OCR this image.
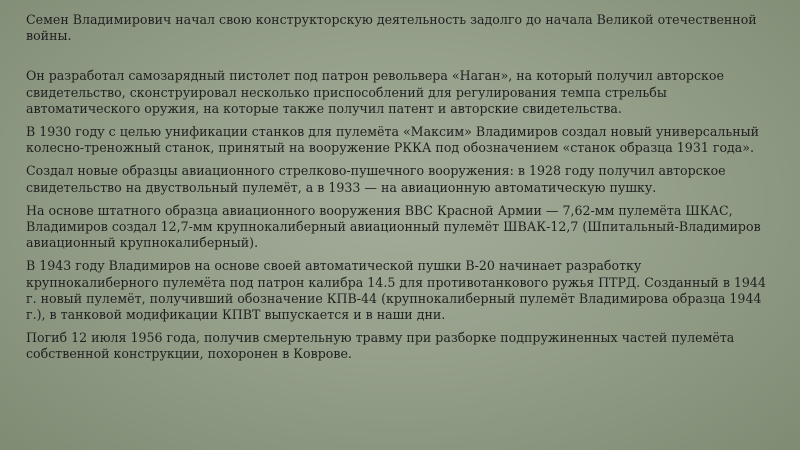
Семен Владимирович начал свою конструкторскую деятельность задолго до начала Великой отечественной войны.

Он разработал самозарядный пистолет под патрон револьвера «Наган», на который получил авторское свидетельство, сконструировал несколько приспособлений для регулирования темпа стрельбы автоматического оружия, на которые также получил патент и авторские свидетельства.

В 1930 году с целью унификации станков для пулемёта «Максим» Владимиров создал новый универсальный колесно-треножный станок, принятый на вооружение РККА под обозначением «станок образца 1931 года».

Создал новые образцы авиационного стрелково-пушечного вооружения: в 1928 году получил авторское свидетельство на двуствольный пулемёт, а в 1933 — на авиационную автоматическую пушку.

На основе штатного образца авиационного вооружения ВВС Красной Армии — 7,62-мм пулемёта ШКАС, Владимиров создал 12,7-мм крупнокалиберный авиационный пулемёт ШВАК-12,7 (Шпитальный-Владимиров авиационный крупнокалиберный).

В 1943 году Владимиров на основе своей автоматической пушки В-20 начинает разработку крупнокалиберного пулемёта под патрон калибра 14.5 для противотанкового ружья ПТРД. Созданный в 1944 г. новый пулемёт, получивший обозначение КПВ-44 (крупнокалиберный пулемёт Владимирова образца 1944 г.), в танковой модификации КПВТ выпускается и в наши дни.

Погиб 12 июля 1956 года, получив смертельную травму при разборке подпружиненных частей пулемёта собственной конструкции, похоронен в Коврове.
